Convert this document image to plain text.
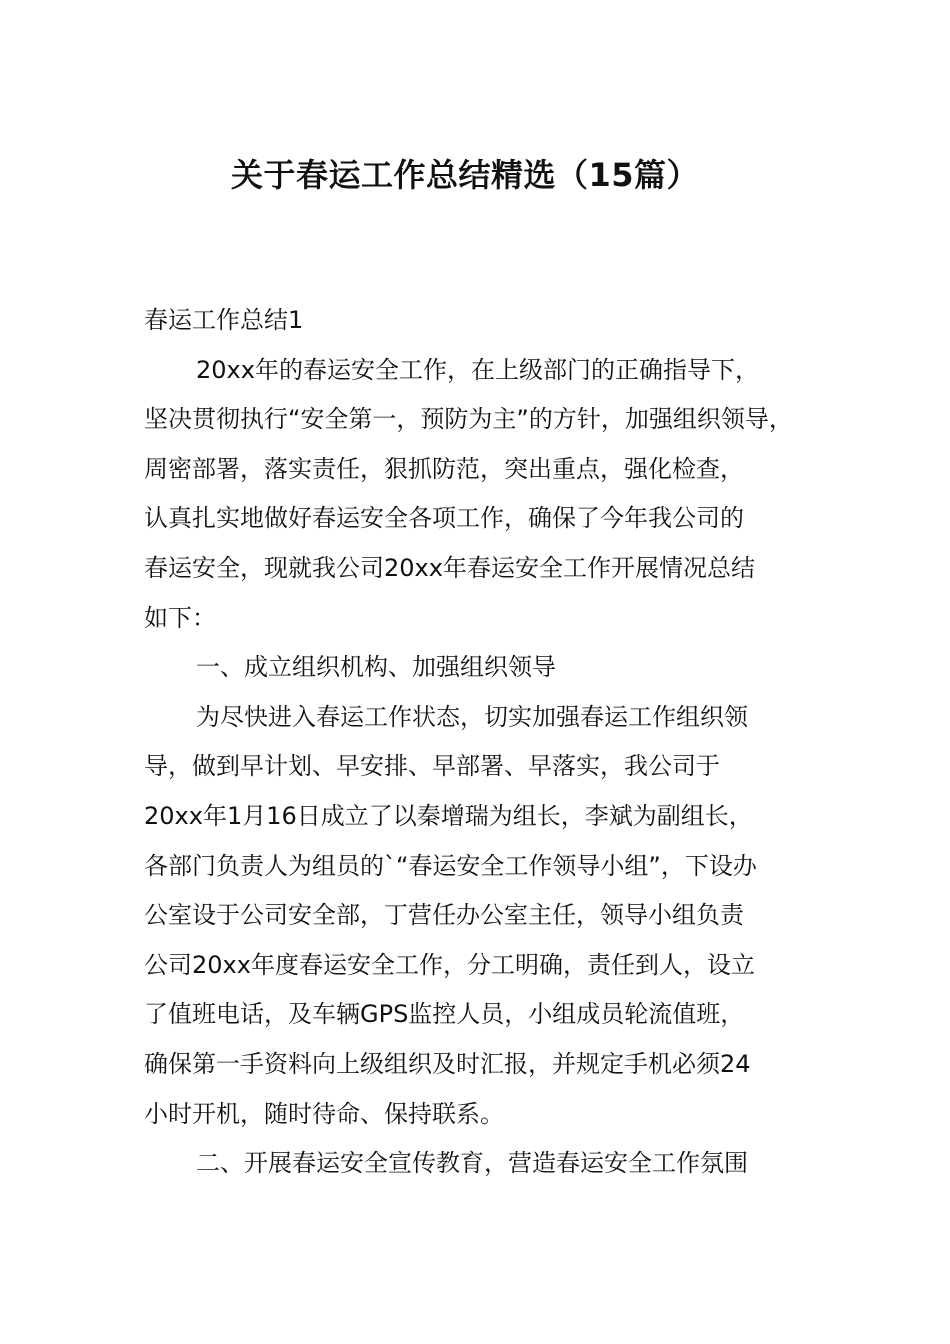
关于春运工作总结精选（15篇）

春运工作总结1

20xx年的春运安全工作，在上级部门的正确指导下，

坚决贯彻执行“安全第一，预防为主”的方针，加强组织领导，

周密部署，落实责任，狠抓防范，突出重点，强化检查，

认真扎实地做好春运安全各项工作，确保了今年我公司的

春运安全，现就我公司20xx年春运安全工作开展情况总结

如下：

一、成立组织机构、加强组织领导

为尽快进入春运工作状态，切实加强春运工作组织领

导，做到早计划、早安排、早部署、早落实，我公司于

20xx年1月16日成立了以秦增瑞为组长，李斌为副组长，

各部门负责人为组员的`“春运安全工作领导小组”，下设办

公室设于公司安全部，丁营任办公室主任，领导小组负责

公司20xx年度春运安全工作，分工明确，责任到人，设立

了值班电话，及车辆GPS监控人员，小组成员轮流值班，

确保第一手资料向上级组织及时汇报，并规定手机必须24

小时开机，随时待命、保持联系。

二、开展春运安全宣传教育，营造春运安全工作氛围
